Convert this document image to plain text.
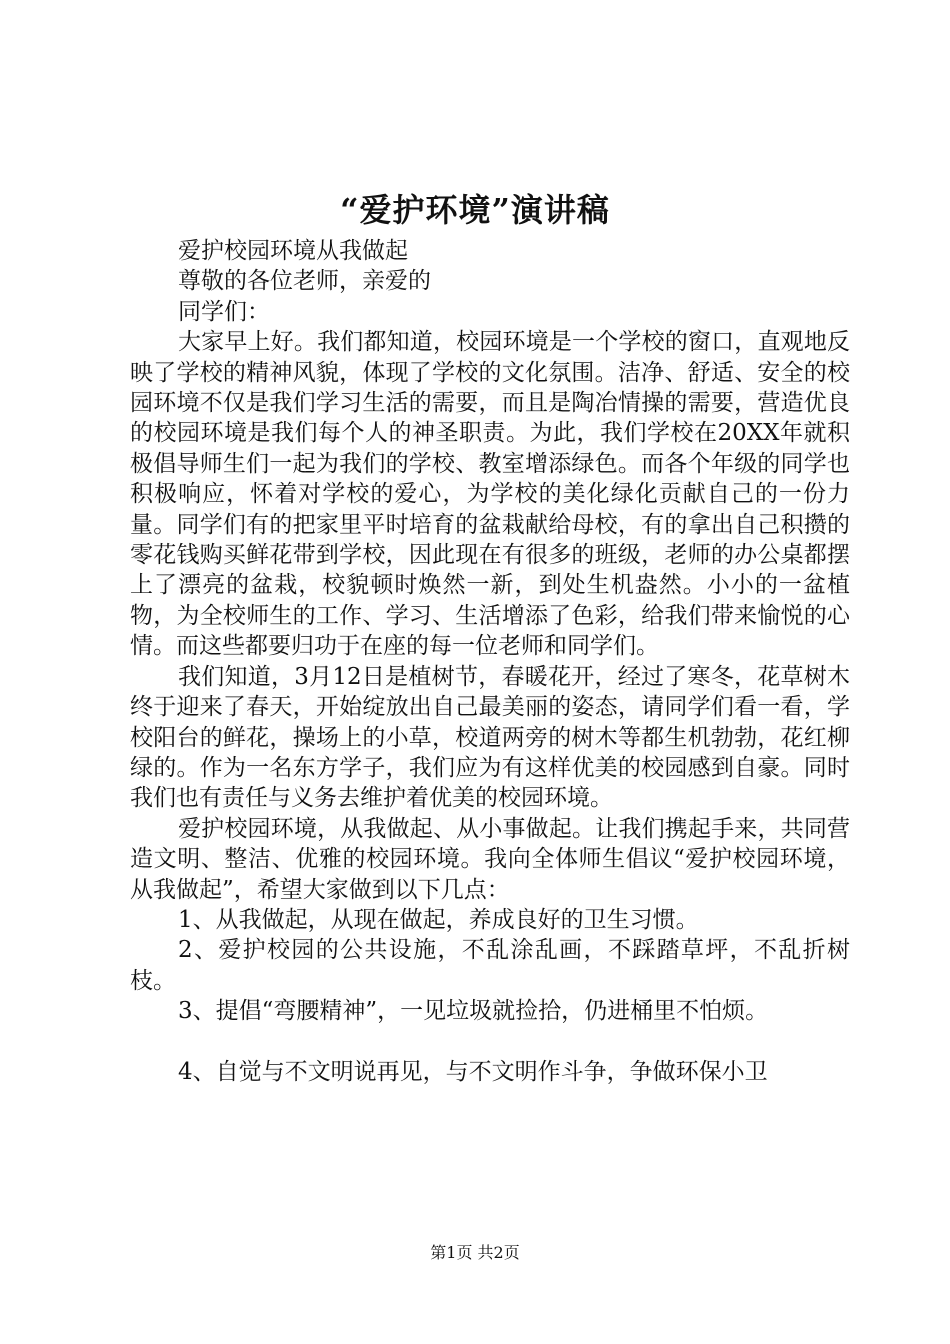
“爱护环境”演讲稿

爱护校园环境从我做起

尊敬的各位老师，亲爱的

同学们：

大家早上好。我们都知道，校园环境是一个学校的窗口，直观地反映了学校的精神风貌，体现了学校的文化氛围。洁净、舒适、安全的校园环境不仅是我们学习生活的需要，而且是陶冶情操的需要，营造优良的校园环境是我们每个人的神圣职责。为此，我们学校在20XX年就积极倡导师生们一起为我们的学校、教室增添绿色。而各个年级的同学也积极响应，怀着对学校的爱心，为学校的美化绿化贡献自己的一份力量。同学们有的把家里平时培育的盆栽献给母校，有的拿出自己积攒的零花钱购买鲜花带到学校，因此现在有很多的班级，老师的办公桌都摆上了漂亮的盆栽，校貌顿时焕然一新，到处生机盎然。小小的一盆植物，为全校师生的工作、学习、生活增添了色彩，给我们带来愉悦的心情。而这些都要归功于在座的每一位老师和同学们。

我们知道，3月12日是植树节，春暖花开，经过了寒冬，花草树木终于迎来了春天，开始绽放出自己最美丽的姿态，请同学们看一看，学校阳台的鲜花，操场上的小草，校道两旁的树木等都生机勃勃，花红柳绿的。作为一名东方学子，我们应为有这样优美的校园感到自豪。同时我们也有责任与义务去维护着优美的校园环境。

爱护校园环境，从我做起、从小事做起。让我们携起手来，共同营造文明、整洁、优雅的校园环境。我向全体师生倡议“爱护校园环境，从我做起”，希望大家做到以下几点：

1、从我做起，从现在做起，养成良好的卫生习惯。

2、爱护校园的公共设施，不乱涂乱画，不踩踏草坪，不乱折树枝。

3、提倡“弯腰精神”，一见垃圾就捡拾，仍进桶里不怕烦。

4、自觉与不文明说再见，与不文明作斗争，争做环保小卫

第1页 共2页
